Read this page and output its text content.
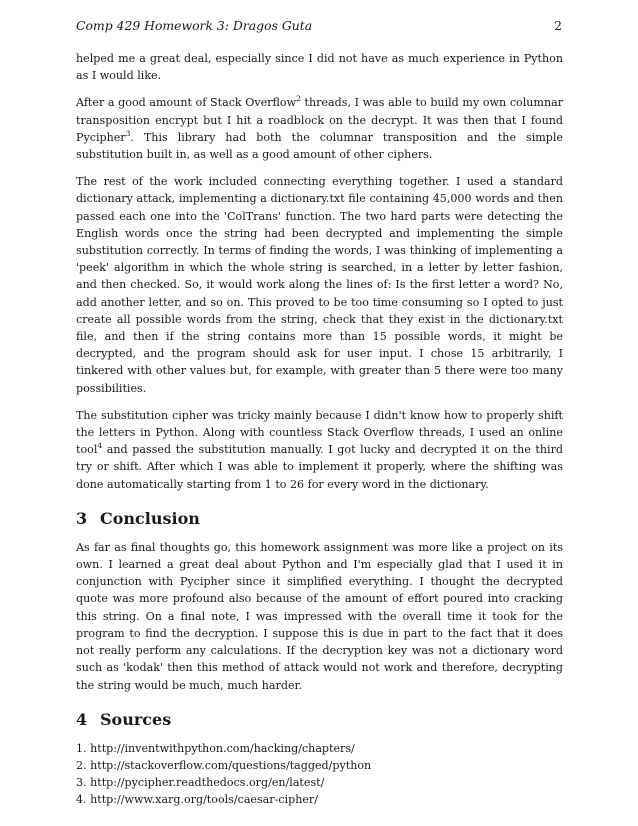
Comp 429 Homework 3: Dragos Guta	2

helped me a great deal, especially since I did not have as much experience in Python as I would like.

After a good amount of Stack Overflow$^2$ threads, I was able to build my own columnar transposition encrypt but I hit a roadblock on the decrypt. It was then that I found Pycipher$^3$. This library had both the columnar transposition and the simple substitution built in, as well as a good amount of other ciphers.

The rest of the work included connecting everything together. I used a standard dictionary attack, implementing a dictionary.txt file containing 45,000 words and then passed each one into the 'ColTrans' function. The two hard parts were detecting the English words once the string had been decrypted and implementing the simple substitution correctly. In terms of finding the words, I was thinking of implementing a 'peek' algorithm in which the whole string is searched, in a letter by letter fashion, and then checked. So, it would work along the lines of: Is the first letter a word? No, add another letter, and so on. This proved to be too time consuming so I opted to just create all possible words from the string, check that they exist in the dictionary.txt file, and then if the string contains more than 15 possible words, it might be decrypted, and the program should ask for user input. I chose 15 arbitrarily, I tinkered with other values but, for example, with greater than 5 there were too many possibilities.

The substitution cipher was tricky mainly because I didn't know how to properly shift the letters in Python. Along with countless Stack Overflow threads, I used an online tool$^4$ and passed the substitution manually. I got lucky and decrypted it on the third try or shift. After which I was able to implement it properly, where the shifting was done automatically starting from 1 to 26 for every word in the dictionary.

3 Conclusion

As far as final thoughts go, this homework assignment was more like a project on its own. I learned a great deal about Python and I'm especially glad that I used it in conjunction with Pycipher since it simplified everything. I thought the decrypted quote was more profound also because of the amount of effort poured into cracking this string. On a final note, I was impressed with the overall time it took for the program to find the decryption. I suppose this is due in part to the fact that it does not really perform any calculations. If the decryption key was not a dictionary word such as 'kodak' then this method of attack would not work and therefore, decrypting the string would be much, much harder.

4 Sources
1. http://inventwithpython.com/hacking/chapters/
2. http://stackoverflow.com/questions/tagged/python
3. http://pycipher.readthedocs.org/en/latest/
4. http://www.xarg.org/tools/caesar-cipher/
